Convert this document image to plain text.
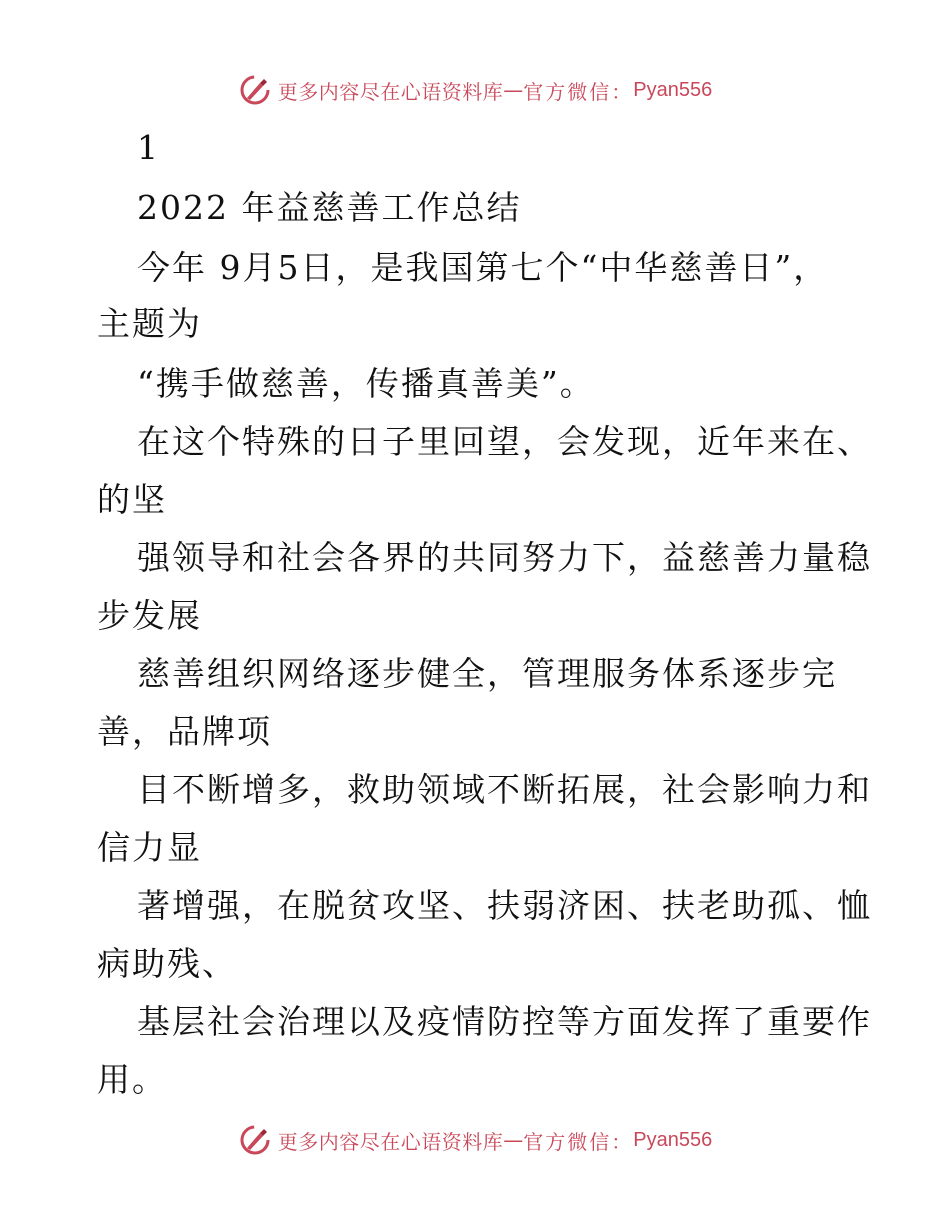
更多内容尽在心语资料库 — 官方微信： Pyan556
1
2022 年益慈善工作总结
今年 9月5日，是我国第七个“中华慈善日”，
主题为
“携手做慈善，传播真善美”。
在这个特殊的日子里回望，会发现，近年来在、
的坚
强领导和社会各界的共同努力下，益慈善力量稳
步发展
慈善组织网络逐步健全，管理服务体系逐步完
善，品牌项
目不断增多，救助领域不断拓展，社会影响力和
信力显
著增强，在脱贫攻坚、扶弱济困、扶老助孤、恤
病助残、
基层社会治理以及疫情防控等方面发挥了重要作
用。
更多内容尽在心语资料库 — 官方微信： Pyan556
